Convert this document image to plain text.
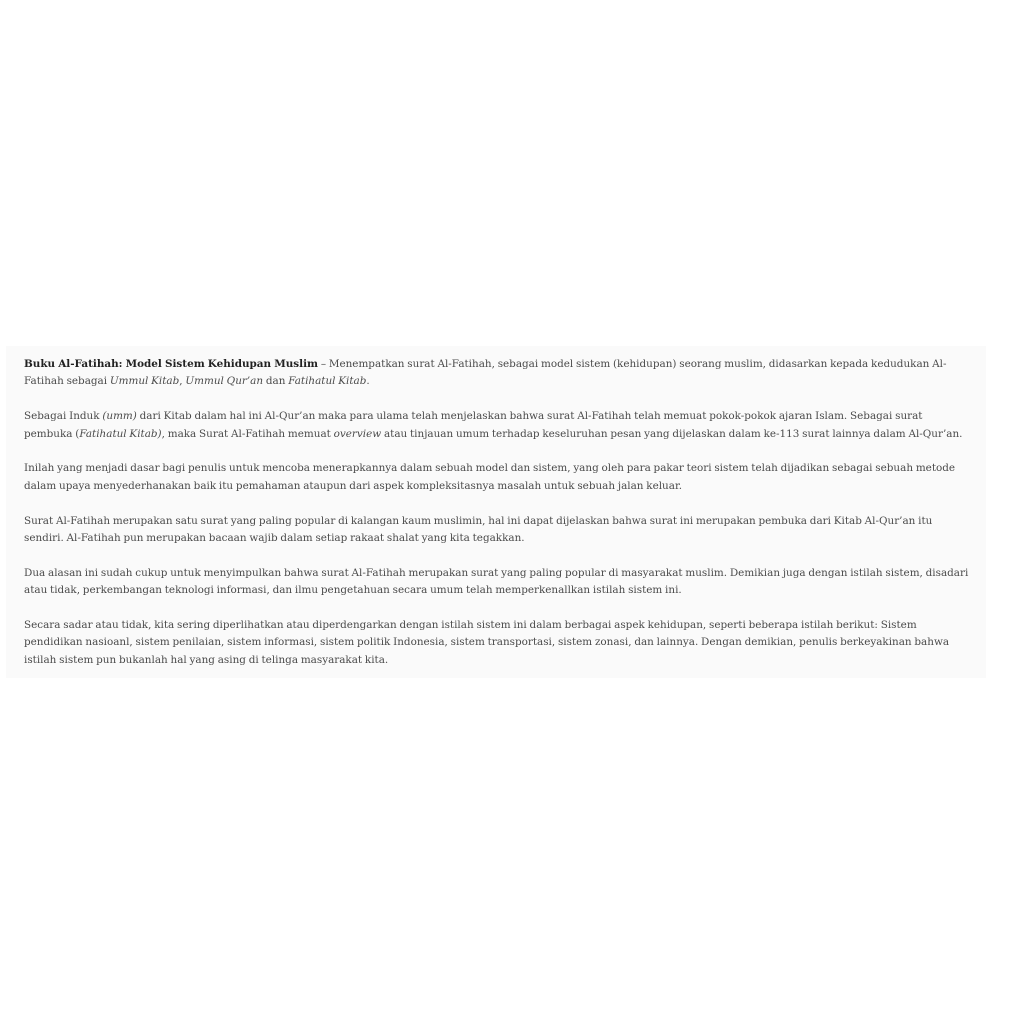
Buku Al-Fatihah: Model Sistem Kehidupan Muslim – Menempatkan surat Al-Fatihah, sebagai model sistem (kehidupan) seorang muslim, didasarkan kepada kedudukan Al-Fatihah sebagai Ummul Kitab, Ummul Qur’an dan Fatihatul Kitab.

Sebagai Induk (umm) dari Kitab dalam hal ini Al-Qur’an maka para ulama telah menjelaskan bahwa surat Al-Fatihah telah memuat pokok-pokok ajaran Islam. Sebagai surat pembuka (Fatihatul Kitab), maka Surat Al-Fatihah memuat overview atau tinjauan umum terhadap keseluruhan pesan yang dijelaskan dalam ke-113 surat lainnya dalam Al-Qur’an.

Inilah yang menjadi dasar bagi penulis untuk mencoba menerapkannya dalam sebuah model dan sistem, yang oleh para pakar teori sistem telah dijadikan sebagai sebuah metode dalam upaya menyederhanakan baik itu pemahaman ataupun dari aspek kompleksitasnya masalah untuk sebuah jalan keluar.

Surat Al-Fatihah merupakan satu surat yang paling popular di kalangan kaum muslimin, hal ini dapat dijelaskan bahwa surat ini merupakan pembuka dari Kitab Al-Qur’an itu sendiri. Al-Fatihah pun merupakan bacaan wajib dalam setiap rakaat shalat yang kita tegakkan.

Dua alasan ini sudah cukup untuk menyimpulkan bahwa surat Al-Fatihah merupakan surat yang paling popular di masyarakat muslim. Demikian juga dengan istilah sistem, disadari atau tidak, perkembangan teknologi informasi, dan ilmu pengetahuan secara umum telah memperkenallkan istilah sistem ini.

Secara sadar atau tidak, kita sering diperlihatkan atau diperdengarkan dengan istilah sistem ini dalam berbagai aspek kehidupan, seperti beberapa istilah berikut: Sistem pendidikan nasioanl, sistem penilaian, sistem informasi, sistem politik Indonesia, sistem transportasi, sistem zonasi, dan lainnya. Dengan demikian, penulis berkeyakinan bahwa istilah sistem pun bukanlah hal yang asing di telinga masyarakat kita.
